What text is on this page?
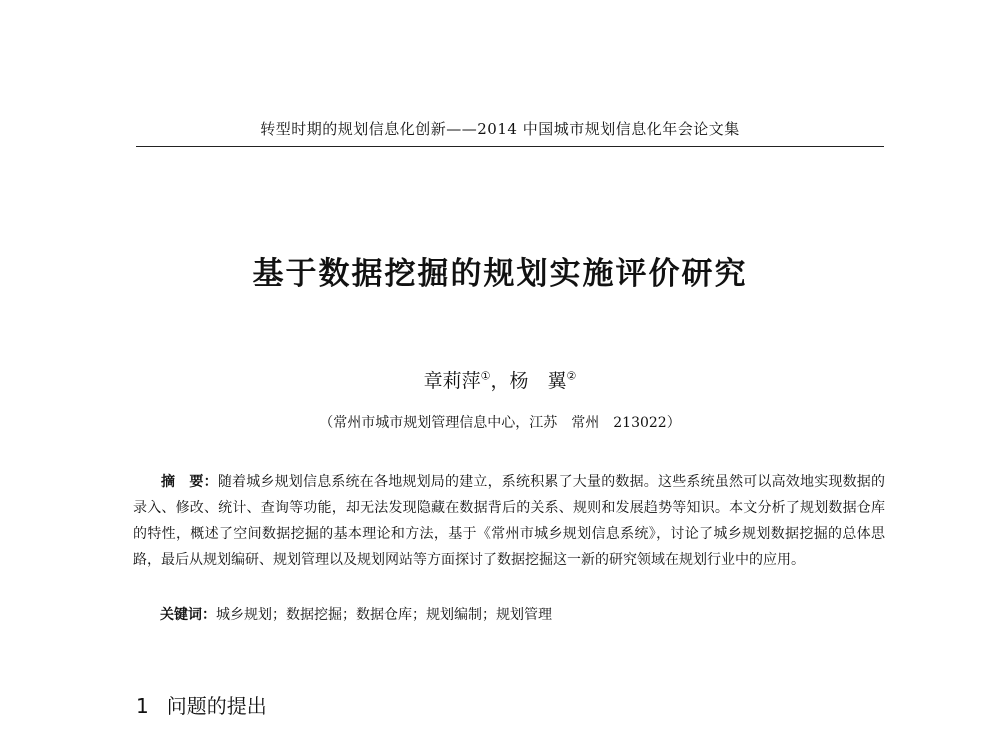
转型时期的规划信息化创新——2014 中国城市规划信息化年会论文集
基于数据挖掘的规划实施评价研究
章莉萍①，杨　翼②
（常州市城市规划管理信息中心，江苏　常州　213022）
摘　要：随着城乡规划信息系统在各地规划局的建立，系统积累了大量的数据。这些系统虽然可以高效地实现数据的录入、修改、统计、查询等功能，却无法发现隐藏在数据背后的关系、规则和发展趋势等知识。本文分析了规划数据仓库的特性，概述了空间数据挖掘的基本理论和方法，基于《常州市城乡规划信息系统》，讨论了城乡规划数据挖掘的总体思路，最后从规划编研、规划管理以及规划网站等方面探讨了数据挖掘这一新的研究领域在规划行业中的应用。
关键词：城乡规划；数据挖掘；数据仓库；规划编制；规划管理
1 问题的提出
